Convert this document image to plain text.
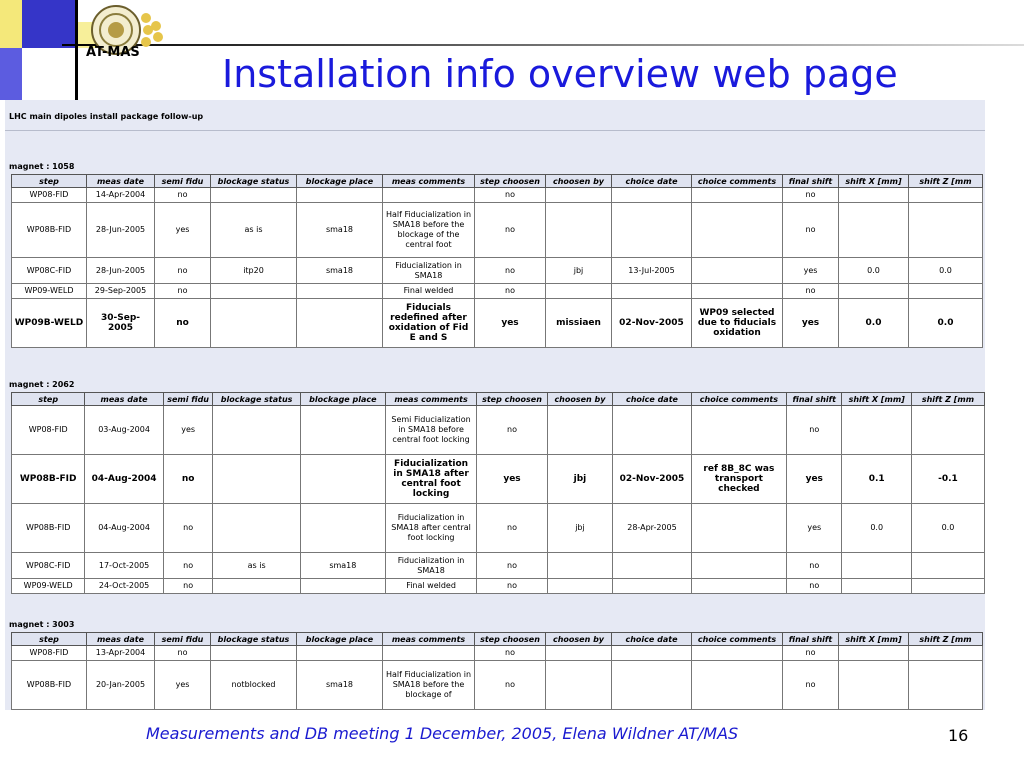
AT-MAS Installation info overview web page
LHC main dipoles install package follow-up
magnet : 1058
step	meas date	semi fidu	blockage status	blockage place	meas comments	step choosen	choosen by	choice date	choice comments	final shift	shift X [mm]	shift Z [mm
WP08-FID	14-Apr-2004	no				no				no		
WP08B-FID	28-Jun-2005	yes	as is	sma18	Half Fiducialization in SMA18 before the blockage of the central foot	no				no		
WP08C-FID	28-Jun-2005	no	itp20	sma18	Fiducialization in SMA18	no	jbj	13-Jul-2005		yes	0.0	0.0
WP09-WELD	29-Sep-2005	no			Final welded	no				no		
WP09B-WELD	30-Sep-2005	no			Fiducials redefined after oxidation of Fid E and S	yes	missiaen	02-Nov-2005	WP09 selected due to fiducials oxidation	yes	0.0	0.0
magnet : 2062
step	meas date	semi fidu	blockage status	blockage place	meas comments	step choosen	choosen by	choice date	choice comments	final shift	shift X [mm]	shift Z [mm
WP08-FID	03-Aug-2004	yes			Semi Fiducialization in SMA18 before central foot locking	no				no		
WP08B-FID	04-Aug-2004	no			Fiducialization in SMA18 after central foot locking	yes	jbj	02-Nov-2005	ref 8B_8C was transport checked	yes	0.1	-0.1
WP08B-FID	04-Aug-2004	no			Fiducialization in SMA18 after central foot locking	no	jbj	28-Apr-2005		yes	0.0	0.0
WP08C-FID	17-Oct-2005	no	as is	sma18	Fiducialization in SMA18	no				no		
WP09-WELD	24-Oct-2005	no			Final welded	no				no		
magnet : 3003
step	meas date	semi fidu	blockage status	blockage place	meas comments	step choosen	choosen by	choice date	choice comments	final shift	shift X [mm]	shift Z [mm
WP08-FID	13-Apr-2004	no				no				no		
WP08B-FID	20-Jan-2005	yes	notblocked	sma18	Half Fiducialization in SMA18 before the blockage of	no				no		
Measurements and DB meeting 1 December, 2005, Elena Wildner AT/MAS	16
